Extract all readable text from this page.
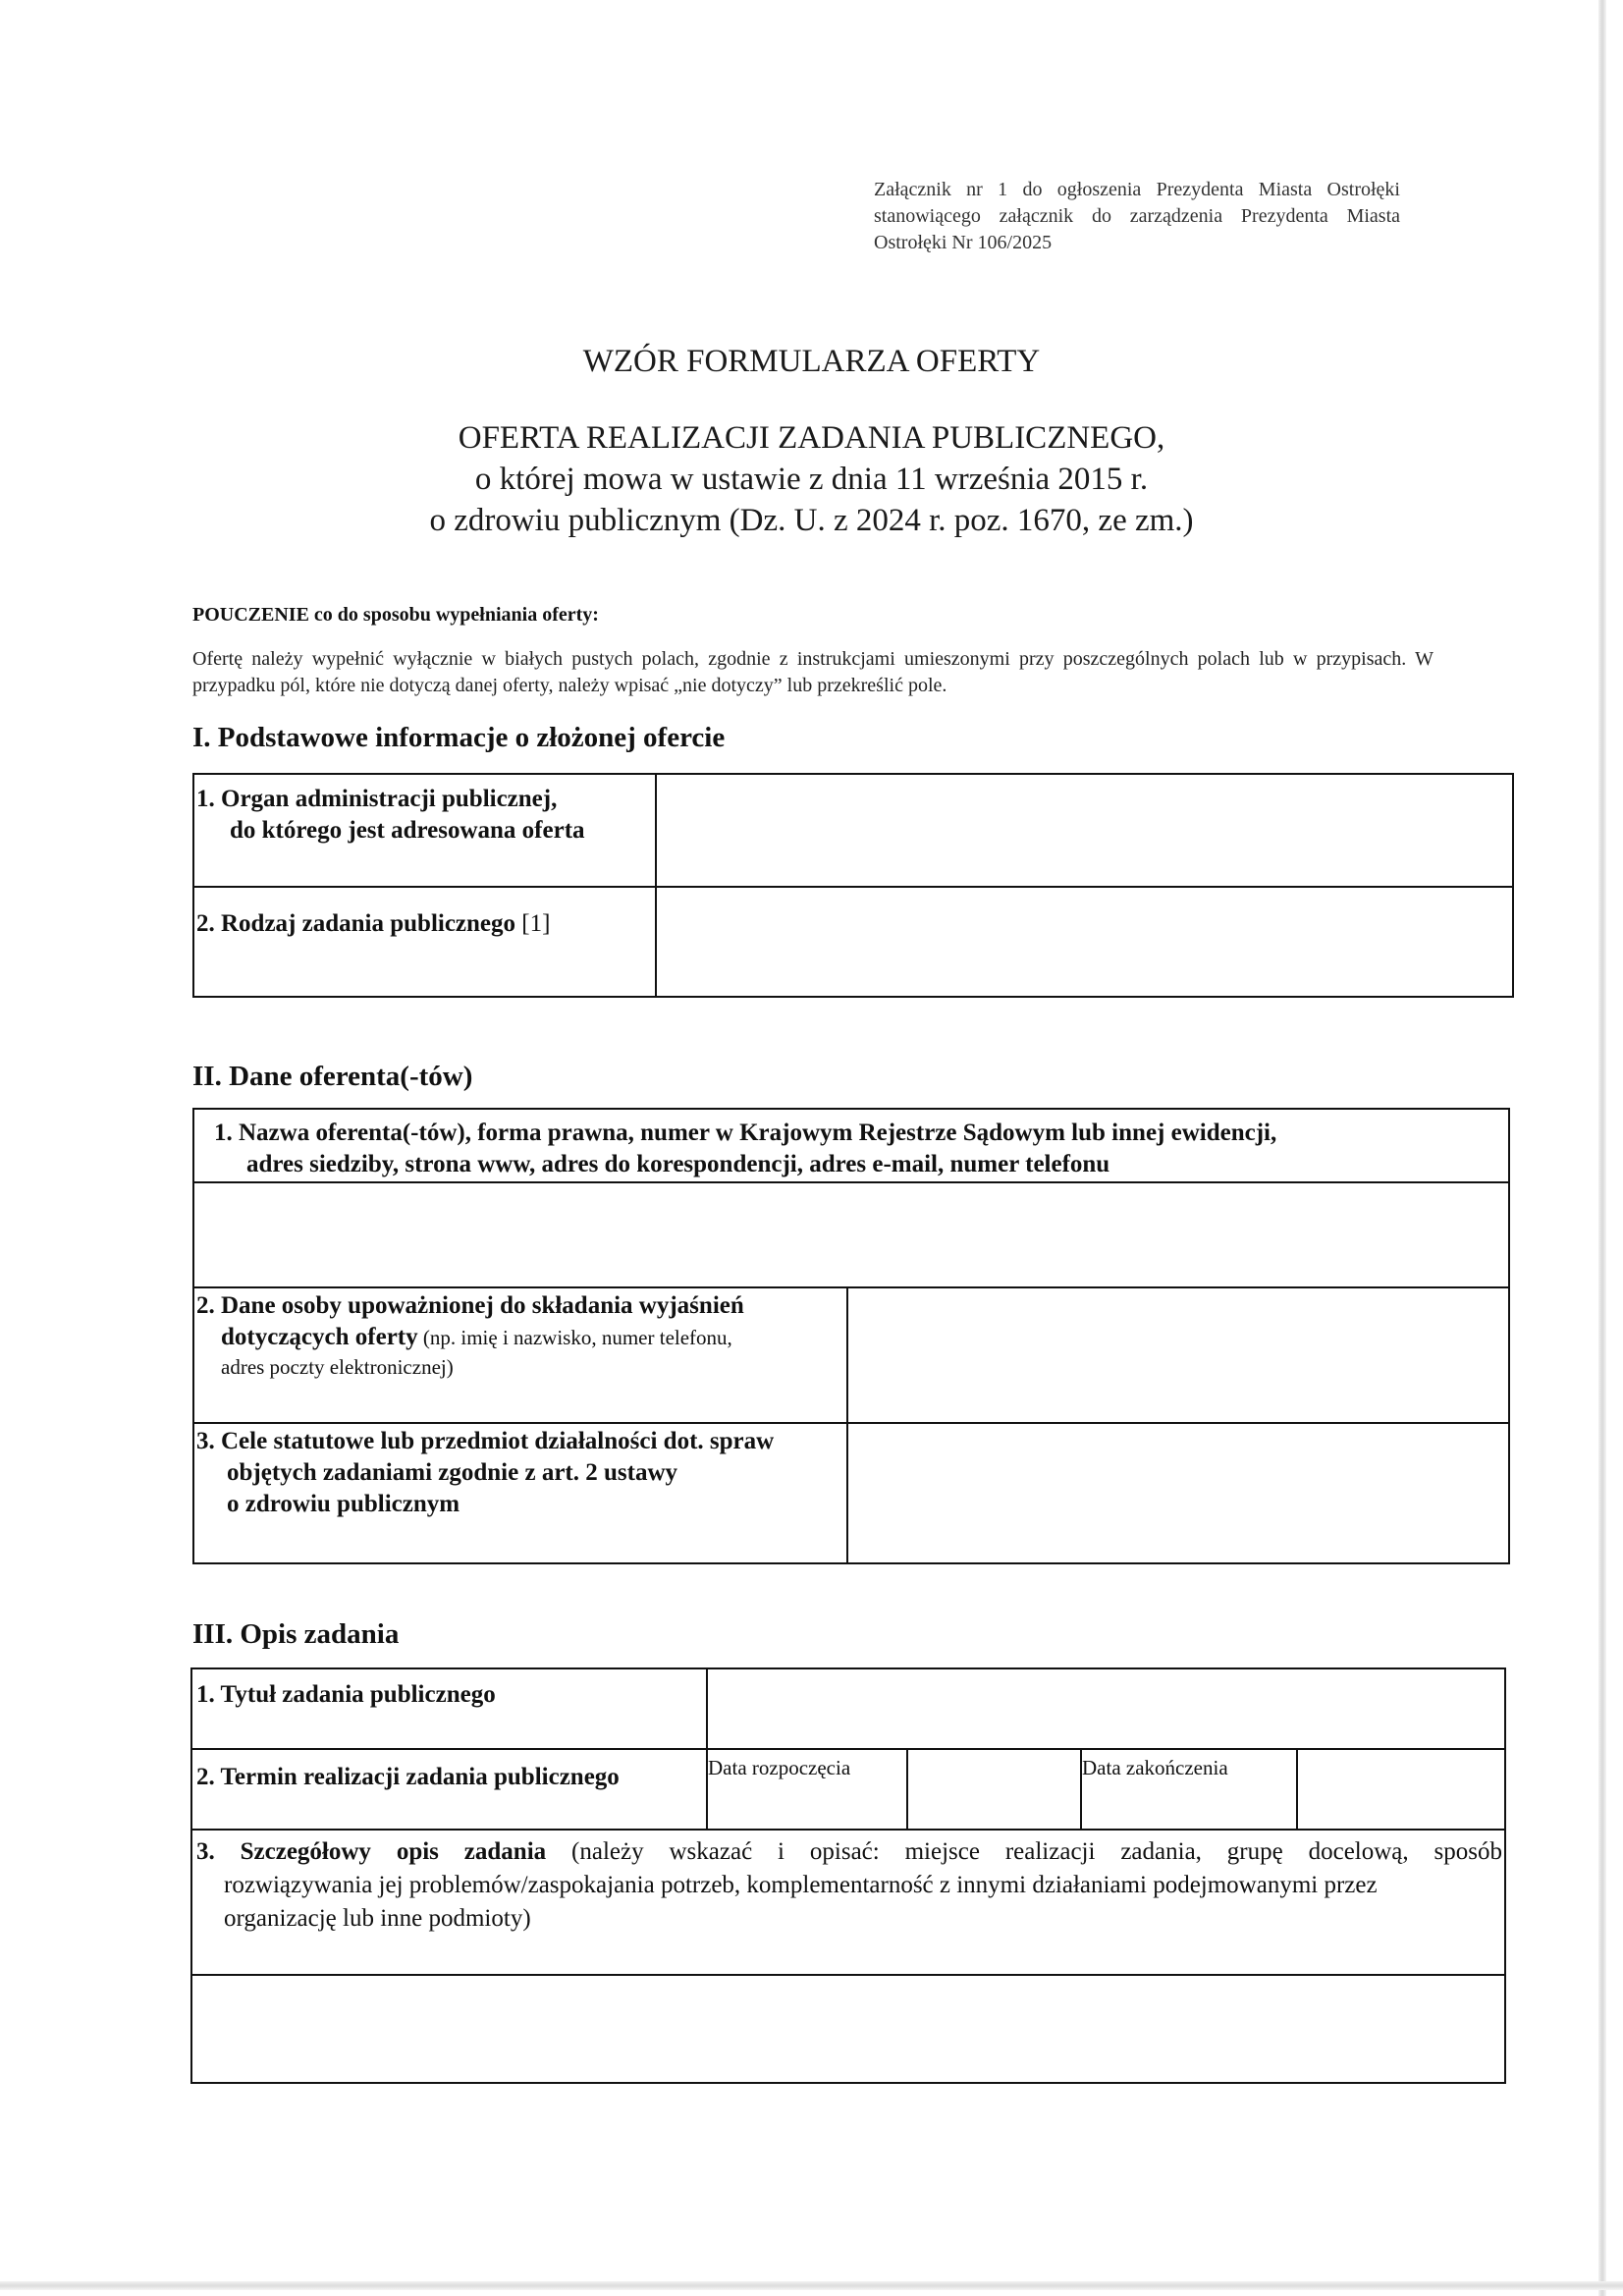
Załącznik nr 1 do ogłoszenia Prezydenta Miasta Ostrołęki
stanowiącego załącznik do zarządzenia Prezydenta Miasta
Ostrołęki Nr 106/2025
WZÓR FORMULARZA OFERTY
OFERTA REALIZACJI ZADANIA PUBLICZNEGO,
o której mowa w ustawie z dnia 11 września 2015 r.
o zdrowiu publicznym (Dz. U. z 2024 r. poz. 1670, ze zm.)
POUCZENIE co do sposobu wypełniania oferty:
Ofertę należy wypełnić wyłącznie w białych pustych polach, zgodnie z instrukcjami umieszonymi przy poszczególnych polach lub w przypisach. W przypadku pól, które nie dotyczą danej oferty, należy wpisać „nie dotyczy” lub przekreślić pole.
I. Podstawowe informacje o złożonej ofercie
1. Organ administracji publicznej,
do którego jest adresowana oferta
2. Rodzaj zadania publicznego [1]
II. Dane oferenta(-tów)
1. Nazwa oferenta(-tów), forma prawna, numer w Krajowym Rejestrze Sądowym lub innej ewidencji,
adres siedziby, strona www, adres do korespondencji, adres e-mail, numer telefonu
2. Dane osoby upoważnionej do składania wyjaśnień
dotyczących oferty (np. imię i nazwisko, numer telefonu,
adres poczty elektronicznej)
3. Cele statutowe lub przedmiot działalności dot. spraw
objętych zadaniami zgodnie z art. 2 ustawy
o zdrowiu publicznym
III. Opis zadania
1. Tytuł zadania publicznego
2. Termin realizacji zadania publicznego	Data rozpoczęcia	Data zakończenia
3. Szczegółowy opis zadania (należy wskazać i opisać: miejsce realizacji zadania, grupę docelową, sposób
rozwiązywania jej problemów/zaspokajania potrzeb, komplementarność z innymi działaniami podejmowanymi przez
organizację lub inne podmioty)
